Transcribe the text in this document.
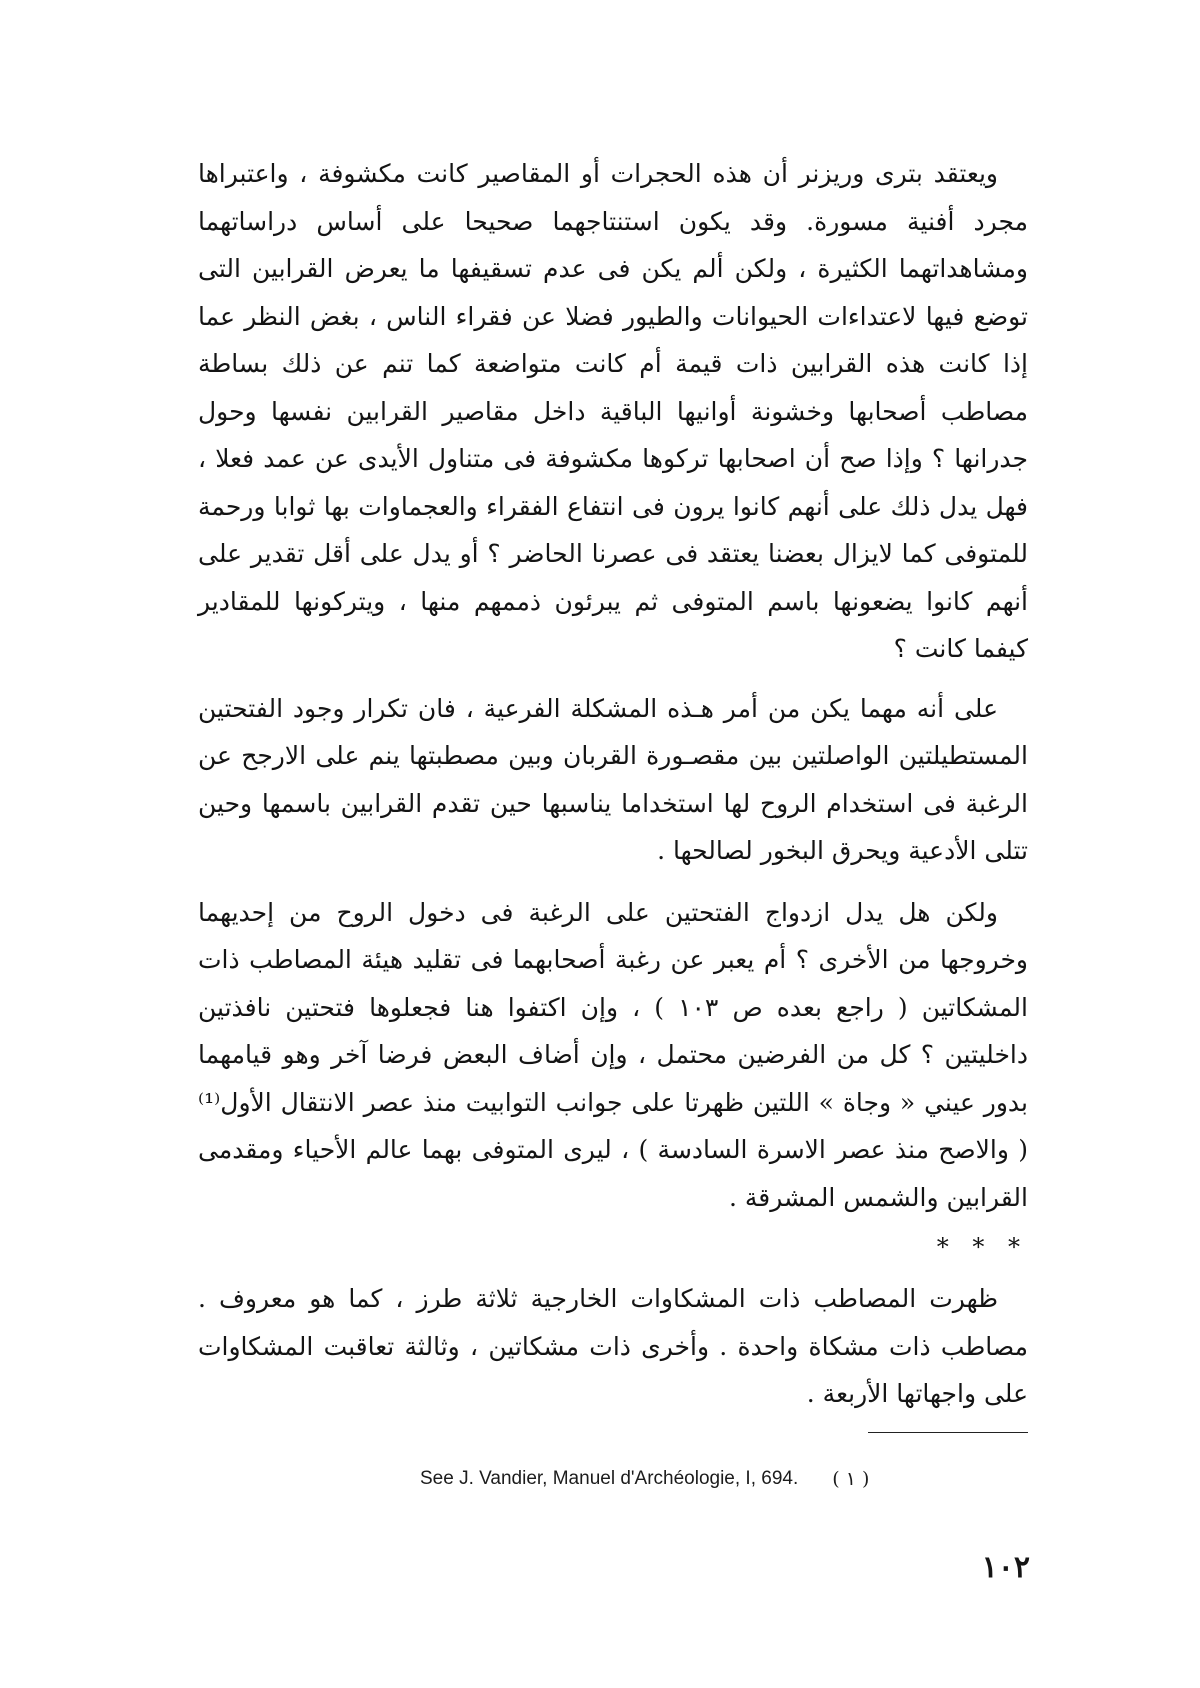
ويعتقد بترى وريزنر أن هذه الحجرات أو المقاصير كانت مكشوفة ، واعتبراها مجرد أفنية مسورة. وقد يكون استنتاجهما صحيحا على أساس دراساتهما ومشاهداتهما الكثيرة ، ولكن ألم يكن فى عدم تسقيفها ما يعرض القرابين التى توضع فيها لاعتداءات الحيوانات والطيور فضلا عن فقراء الناس ، بغض النظر عما إذا كانت هذه القرابين ذات قيمة أم كانت متواضعة كما تنم عن ذلك بساطة مصاطب أصحابها وخشونة أوانيها الباقية داخل مقاصير القرابين نفسها وحول جدرانها ؟ وإذا صح أن اصحابها تركوها مكشوفة فى متناول الأيدى عن عمد فعلا ، فهل يدل ذلك على أنهم كانوا يرون فى انتفاع الفقراء والعجماوات بها ثوابا ورحمة للمتوفى كما لايزال بعضنا يعتقد فى عصرنا الحاضر ؟ أو يدل على أقل تقدير على أنهم كانوا يضعونها باسم المتوفى ثم يبرئون ذممهم منها ، ويتركونها للمقادير كيفما كانت ؟

على أنه مهما يكن من أمر هـذه المشكلة الفرعية ، فان تكرار وجود الفتحتين المستطيلتين الواصلتين بين مقصـورة القربان وبين مصطبتها ينم على الارجح عن الرغبة فى استخدام الروح لها استخداما يناسبها حين تقدم القرابين باسمها وحين تتلى الأدعية ويحرق البخور لصالحها .

ولكن هل يدل ازدواج الفتحتين على الرغبة فى دخول الروح من إحديهما وخروجها من الأخرى ؟ أم يعبر عن رغبة أصحابهما فى تقليد هيئة المصاطب ذات المشكاتين ( راجع بعده ص ١٠٣ ) ، وإن اكتفوا هنا فجعلوها فتحتين نافذتين داخليتين ؟ كل من الفرضين محتمل ، وإن أضاف البعض فرضا آخر وهو قيامهما بدور عيني « وجاة » اللتين ظهرتا على جوانب التوابيت منذ عصر الانتقال الأول⁽¹⁾ ( والاصح منذ عصر الاسرة السادسة ) ، ليرى المتوفى بهما عالم الأحياء ومقدمى القرابين والشمس المشرقة .

* * *

ظهرت المصاطب ذات المشكاوات الخارجية ثلاثة طرز ، كما هو معروف . مصاطب ذات مشكاة واحدة . وأخرى ذات مشكاتين ، وثالثة تعاقبت المشكاوات على واجهاتها الأربعة .

See J. Vandier, Manuel d'Archéologie, I, 694. ( ١ )
١٠٢
